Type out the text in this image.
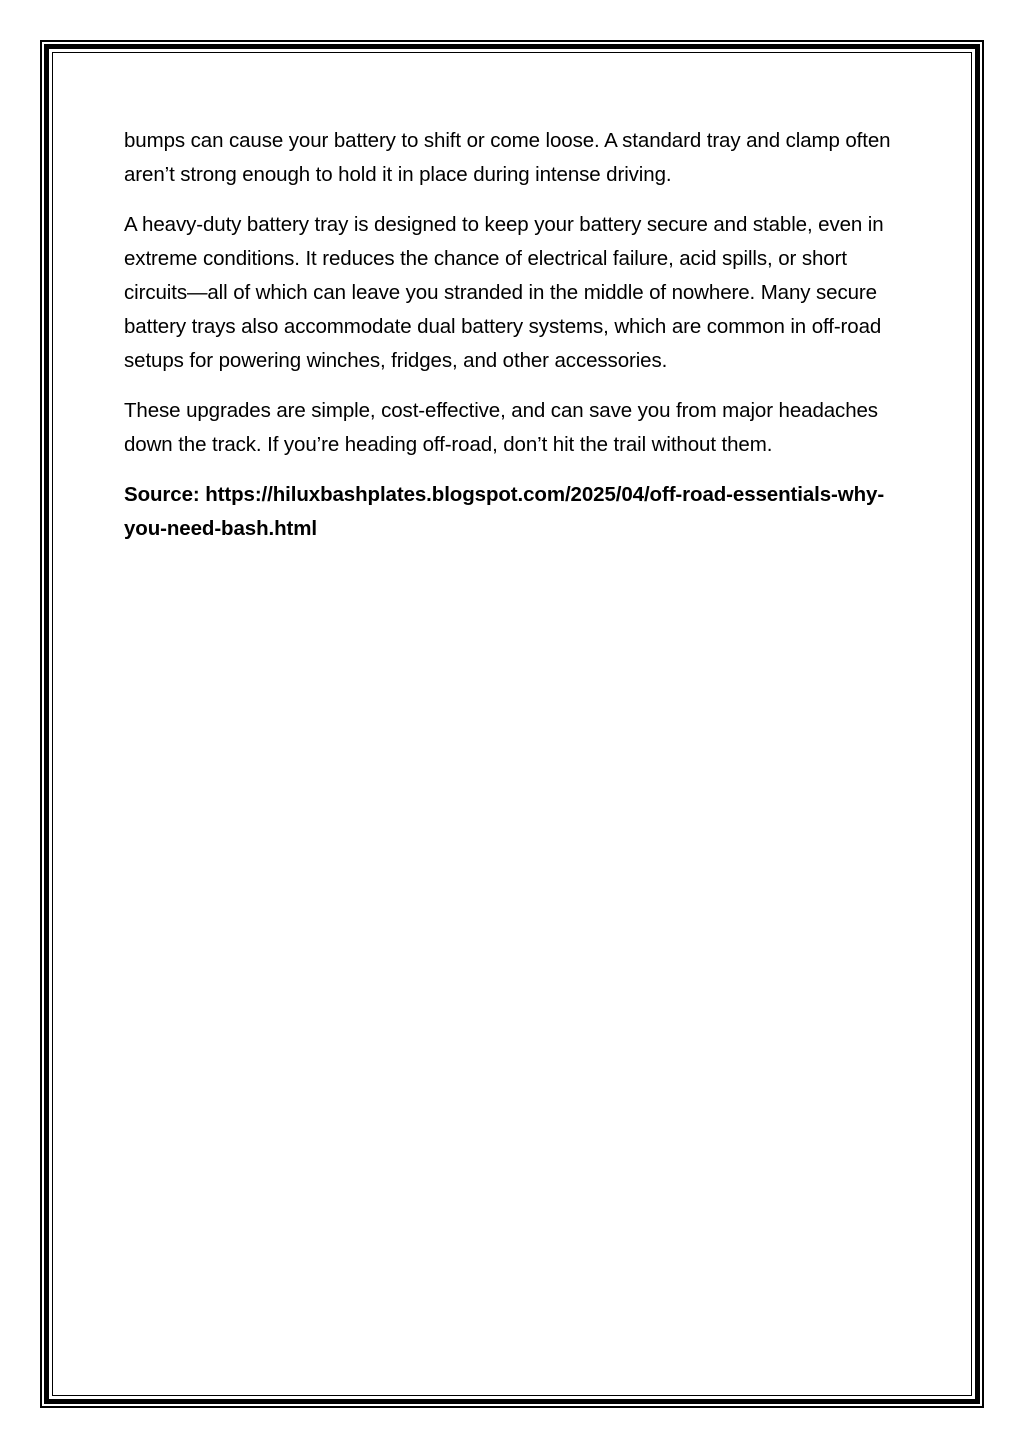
bumps can cause your battery to shift or come loose. A standard tray and clamp often aren’t strong enough to hold it in place during intense driving.

A heavy-duty battery tray is designed to keep your battery secure and stable, even in extreme conditions. It reduces the chance of electrical failure, acid spills, or short circuits—all of which can leave you stranded in the middle of nowhere. Many secure battery trays also accommodate dual battery systems, which are common in off-road setups for powering winches, fridges, and other accessories.

These upgrades are simple, cost-effective, and can save you from major headaches down the track. If you’re heading off-road, don’t hit the trail without them.

Source: https://hiluxbashplates.blogspot.com/2025/04/off-road-essentials-why-you-need-bash.html
